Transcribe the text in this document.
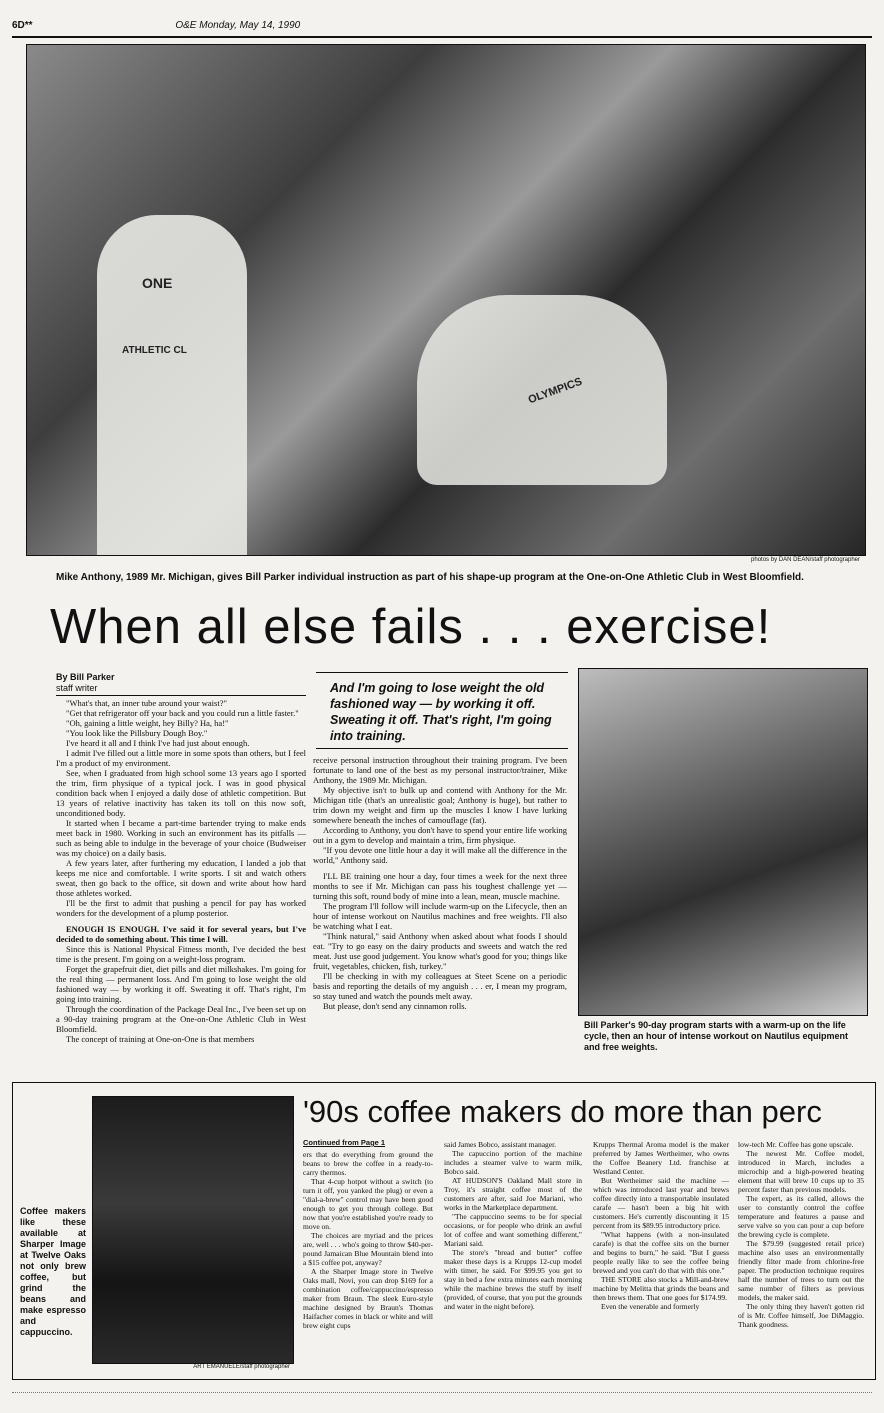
6D**	O&E Monday, May 14, 1990
ONE
ATHLETIC CL
OLYMPICS
photos by DAN DEAN/staff photographer
Mike Anthony, 1989 Mr. Michigan, gives Bill Parker individual instruction as part of his shape-up program at the One-on-One Athletic Club in West Bloomfield.
When all else fails . . . exercise!
By Bill Parker
staff writer

"What's that, an inner tube around your waist?"

"Get that refrigerator off your back and you could run a little faster."

"Oh, gaining a little weight, hey Billy? Ha, ha!"

"You look like the Pillsbury Dough Boy."

I've heard it all and I think I've had just about enough.

I admit I've filled out a little more in some spots than others, but I feel I'm a product of my environment.

See, when I graduated from high school some 13 years ago I sported the trim, firm physique of a typical jock. I was in good physical condition back when I enjoyed a daily dose of athletic competition. But 13 years of relative inactivity has taken its toll on this now soft, unconditioned body.

It started when I became a part-time bartender trying to make ends meet back in 1980. Working in such an environment has its pitfalls — such as being able to indulge in the beverage of your choice (Budweiser was my choice) on a daily basis.

A few years later, after furthering my education, I landed a job that keeps me nice and comfortable. I write sports. I sit and watch others sweat, then go back to the office, sit down and write about how hard those athletes worked.

I'll be the first to admit that pushing a pencil for pay has worked wonders for the development of a plump posterior.

ENOUGH IS ENOUGH. I've said it for several years, but I've decided to do something about. This time I will.

Since this is National Physical Fitness month, I've decided the best time is the present. I'm going on a weight-loss program.

Forget the grapefruit diet, diet pills and diet milkshakes. I'm going for the real thing — permanent loss. And I'm going to lose weight the old fashioned way — by working it off. Sweating it off. That's right, I'm going into training.

Through the coordination of the Package Deal Inc., I've been set up on a 90-day training program at the One-on-One Athletic Club in West Bloomfield.

The concept of training at One-on-One is that members

And I'm going to lose weight the old fashioned way — by working it off. Sweating it off. That's right, I'm going into training.

receive personal instruction throughout their training program. I've been fortunate to land one of the best as my personal instructor/trainer, Mike Anthony, the 1989 Mr. Michigan.

My objective isn't to bulk up and contend with Anthony for the Mr. Michigan title (that's an unrealistic goal; Anthony is huge), but rather to trim down my weight and firm up the muscles I know I have lurking somewhere beneath the inches of camouflage (fat).

According to Anthony, you don't have to spend your entire life working out in a gym to develop and maintain a trim, firm physique.

"If you devote one little hour a day it will make all the difference in the world," Anthony said.

I'LL BE training one hour a day, four times a week for the next three months to see if Mr. Michigan can pass his toughest challenge yet — turning this soft, round body of mine into a lean, mean, muscle machine.

The program I'll follow will include warm-up on the Lifecycle, then an hour of intense workout on Nautilus machines and free weights. I'll also be watching what I eat.

"Think natural," said Anthony when asked about what foods I should eat. "Try to go easy on the dairy products and sweets and watch the red meat. Just use good judgement. You know what's good for you; things like fruit, vegetables, chicken, fish, turkey."

I'll be checking in with my colleagues at Steet Scene on a periodic basis and reporting the details of my anguish . . . er, I mean my program, so stay tuned and watch the pounds melt away.

But please, don't send any cinnamon rolls.

Bill Parker's 90-day program starts with a warm-up on the life cycle, then an hour of intense workout on Nautilus equipment and free weights.
ART EMANUELE/staff photographer
Coffee makers like these available at Sharper Image at Twelve Oaks not only brew coffee, but grind the beans and make espresso and cappuccino.
'90s coffee makers do more than perc
Continued from Page 1

ers that do everything from ground the beans to brew the coffee in a ready-to-carry thermos.

That 4-cup hotpot without a switch (to turn it off, you yanked the plug) or even a "dial-a-brew" control may have been good enough to get you through college. But now that you're established you're ready to move on.

The choices are myriad and the prices are, well . . . who's going to throw $40-per-pound Jamaican Blue Mountain blend into a $15 coffee pot, anyway?

A the Sharper Image store in Twelve Oaks mall, Novi, you can drop $169 for a combination coffee/cappuccino/espresso maker from Braun. The sleek Euro-style machine designed by Braun's Thomas Haifacher comes in black or white and will brew eight cups

said James Bobco, assistant manager.

The capuccino portion of the machine includes a steamer valve to warm milk, Bobco said.

AT HUDSON'S Oakland Mall store in Troy, it's straight coffee most of the customers are after, said Joe Mariani, who works in the Marketplace department.

"The cappuccino seems to be for special occasions, or for people who drink an awful lot of coffee and want something different," Mariani said.

The store's "bread and butter" coffee maker these days is a Krupps 12-cup model with timer, he said. For $99.95 you get to stay in bed a few extra minutes each morning while the machine brews the stuff by itself (provided, of course, that you put the grounds and water in the night before).

Krupps Thermal Aroma model is the maker preferred by James Wertheimer, who owns the Coffee Beanery Ltd. franchise at Westland Center.

But Wertheimer said the machine — which was introduced last year and brews coffee directly into a transportable insulated carafe — hasn't been a big hit with customers. He's currently discounting it 15 percent from its $89.95 introductory price.

"What happens (with a non-insulated carafe) is that the coffee sits on the burner and begins to burn," he said. "But I guess people really like to see the coffee being brewed and you can't do that with this one."

THE STORE also stocks a Mill-and-brew machine by Melitta that grinds the beans and then brews them. That one goes for $174.99.

Even the venerable and formerly

low-tech Mr. Coffee has gone upscale.

The newest Mr. Coffee model, introduced in March, includes a microchip and a high-powered heating element that will brew 10 cups up to 35 percent faster than previous models.

The expert, as its called, allows the user to constantly control the coffee temperature and features a pause and serve valve so you can pour a cup before the brewing cycle is complete.

The $79.99 (suggested retail price) machine also uses an environmentally friendly filter made from chlorine-free paper. The production technique requires half the number of trees to turn out the same number of filters as previous models, the maker said.

The only thing they haven't gotten rid of is Mr. Coffee himself, Joe DiMaggio. Thank goodness.
